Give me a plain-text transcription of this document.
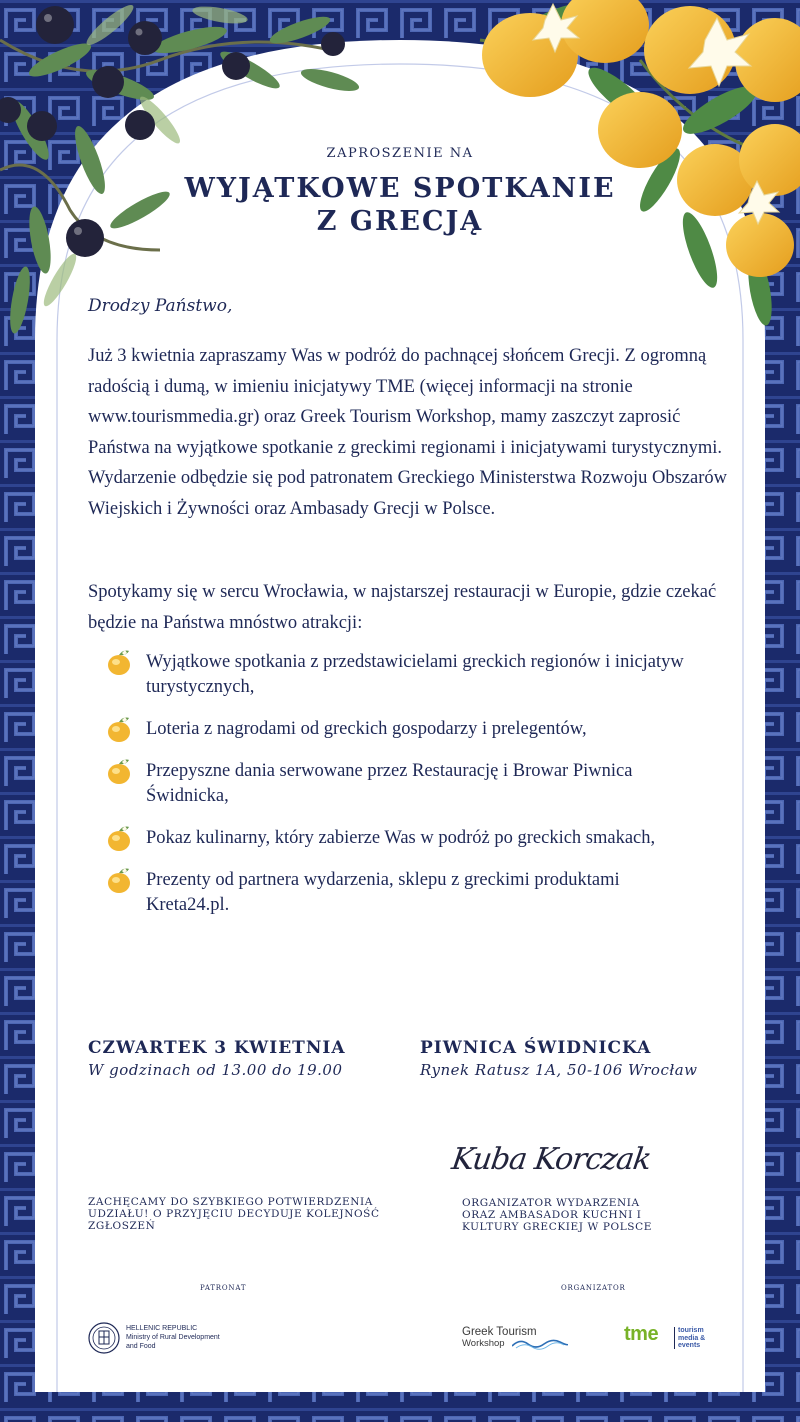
ZAPROSZENIE NA
WYJĄTKOWE SPOTKANIE
Z GRECJĄ
Drodzy Państwo,
Już 3 kwietnia zapraszamy Was w podróż do pachnącej słońcem Grecji. Z ogromną radością i dumą, w imieniu inicjatywy TME (więcej informacji na stronie www.tourismmedia.gr) oraz Greek Tourism Workshop, mamy zaszczyt zaprosić Państwa na wyjątkowe spotkanie z greckimi regionami i inicjatywami turystycznymi. Wydarzenie odbędzie się pod patronatem Greckiego Ministerstwa Rozwoju Obszarów Wiejskich i Żywności oraz Ambasady Grecji w Polsce.
Spotykamy się w sercu Wrocławia, w najstarszej restauracji w Europie, gdzie czekać będzie na Państwa mnóstwo atrakcji:
Wyjątkowe spotkania z przedstawicielami greckich regionów i inicjatyw turystycznych,
Loteria z nagrodami od greckich gospodarzy i prelegentów,
Przepyszne dania serwowane przez Restaurację i Browar Piwnica Świdnicka,
Pokaz kulinarny, który zabierze Was w podróż po greckich smakach,
Prezenty od partnera wydarzenia, sklepu z greckimi produktami Kreta24.pl.
CZWARTEK 3 KWIETNIA
W godzinach od 13.00 do 19.00
PIWNICA ŚWIDNICKA
Rynek Ratusz 1A, 50-106 Wrocław
ZACHĘCAMY DO SZYBKIEGO POTWIERDZENIA UDZIAŁU! O PRZYJĘCIU DECYDUJE KOLEJNOŚĆ ZGŁOSZEŃ
Kuba Korczak
ORGANIZATOR WYDARZENIA ORAZ AMBASADOR KUCHNI I KULTURY GRECKIEJ W POLSCE
PATRONAT	ORGANIZATOR
HELLENIC REPUBLIC
Ministry of Rural Development
and Food
Greek Tourism
Workshop	tme	tourism
media &
events
